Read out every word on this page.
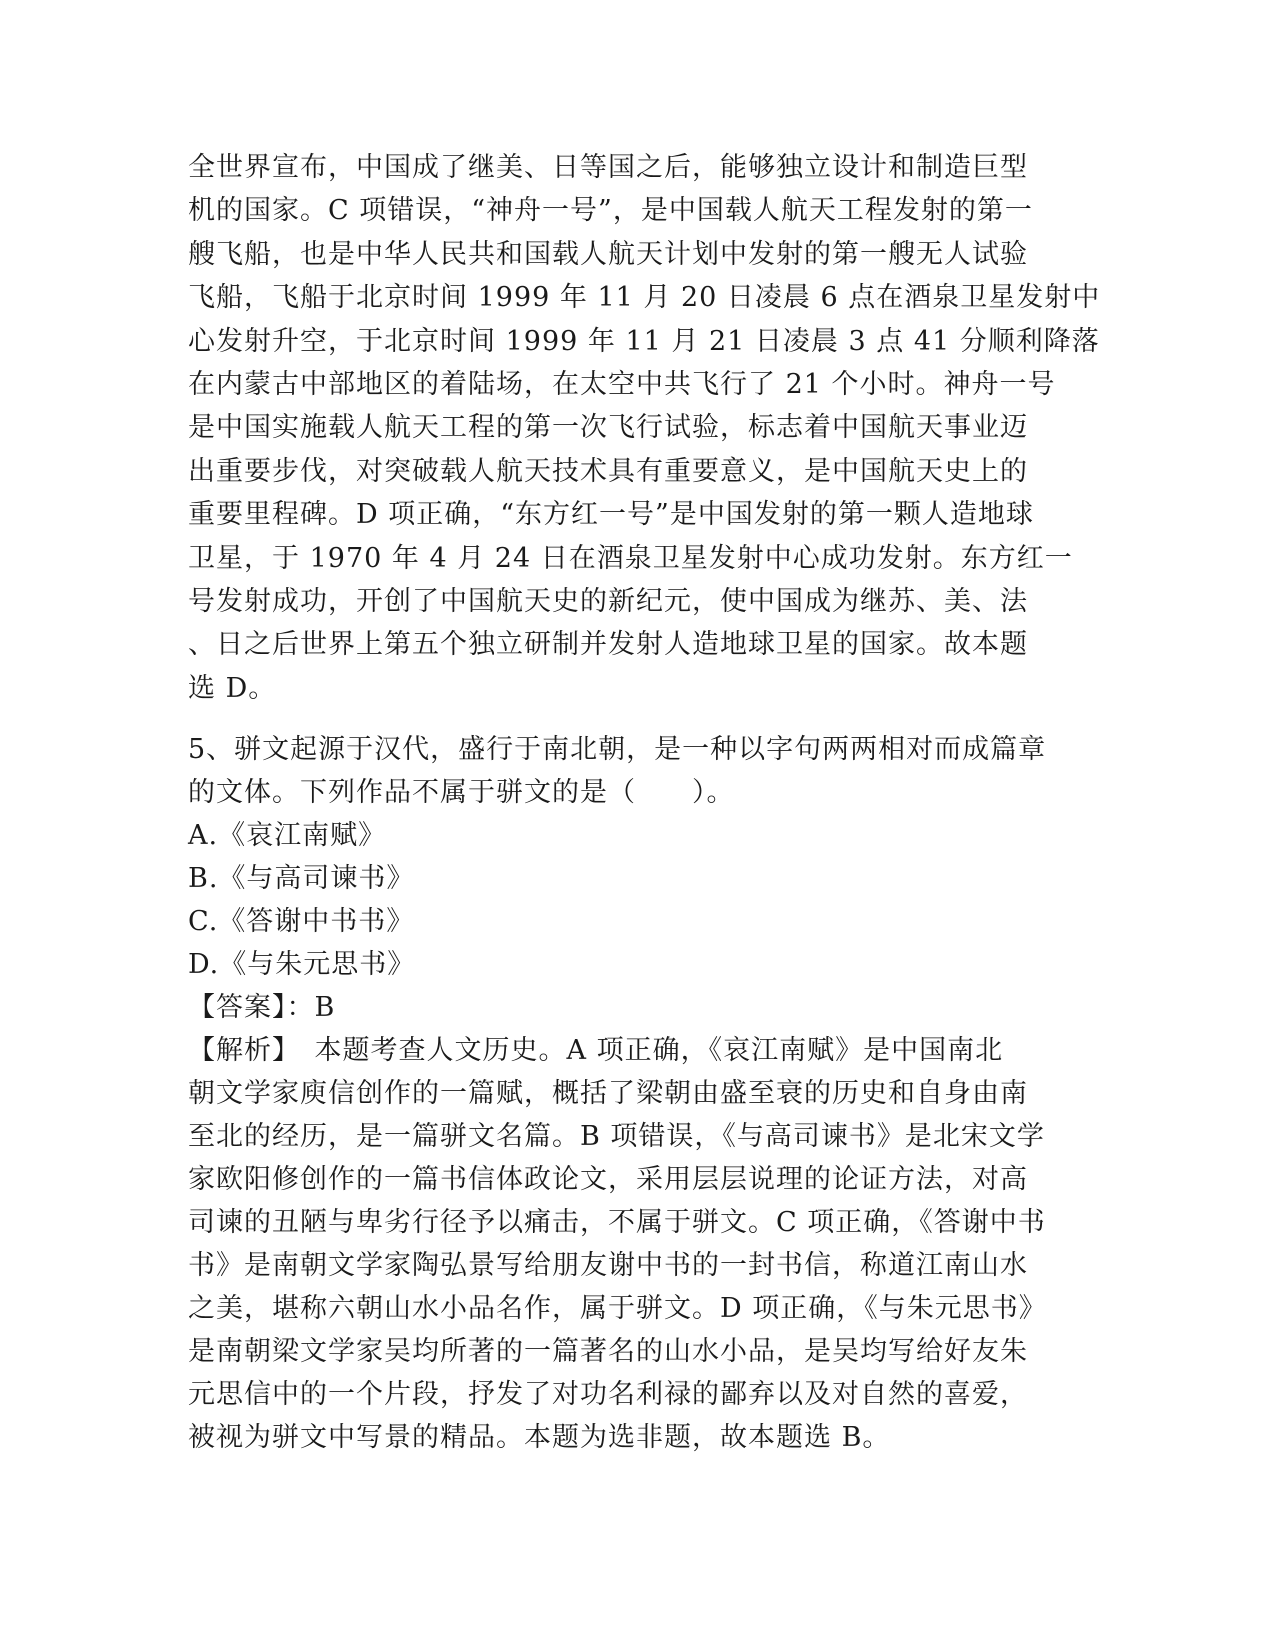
全世界宣布，中国成了继美、日等国之后，能够独立设计和制造巨型
机的国家。C 项错误，“神舟一号”，是中国载人航天工程发射的第一
艘飞船，也是中华人民共和国载人航天计划中发射的第一艘无人试验
飞船，飞船于北京时间 1999 年 11 月 20 日凌晨 6 点在酒泉卫星发射中
心发射升空，于北京时间 1999 年 11 月 21 日凌晨 3 点 41 分顺利降落
在内蒙古中部地区的着陆场，在太空中共飞行了 21 个小时。神舟一号
是中国实施载人航天工程的第一次飞行试验，标志着中国航天事业迈
出重要步伐，对突破载人航天技术具有重要意义，是中国航天史上的
重要里程碑。D 项正确，“东方红一号”是中国发射的第一颗人造地球
卫星，于 1970 年 4 月 24 日在酒泉卫星发射中心成功发射。东方红一
号发射成功，开创了中国航天史的新纪元，使中国成为继苏、美、法
、日之后世界上第五个独立研制并发射人造地球卫星的国家。故本题
选 D。
5、骈文起源于汉代，盛行于南北朝，是一种以字句两两相对而成篇章
的文体。下列作品不属于骈文的是（　　）。
A.《哀江南赋》
B.《与高司谏书》
C.《答谢中书书》
D.《与朱元思书》
【答案】：B
【解析】　本题考查人文历史。A 项正确，《哀江南赋》是中国南北
朝文学家庾信创作的一篇赋，概括了梁朝由盛至衰的历史和自身由南
至北的经历，是一篇骈文名篇。B 项错误，《与高司谏书》是北宋文学
家欧阳修创作的一篇书信体政论文，采用层层说理的论证方法，对高
司谏的丑陋与卑劣行径予以痛击，不属于骈文。C 项正确，《答谢中书
书》是南朝文学家陶弘景写给朋友谢中书的一封书信，称道江南山水
之美，堪称六朝山水小品名作，属于骈文。D 项正确，《与朱元思书》
是南朝梁文学家吴均所著的一篇著名的山水小品，是吴均写给好友朱
元思信中的一个片段，抒发了对功名利禄的鄙弃以及对自然的喜爱，
被视为骈文中写景的精品。本题为选非题，故本题选 B。
